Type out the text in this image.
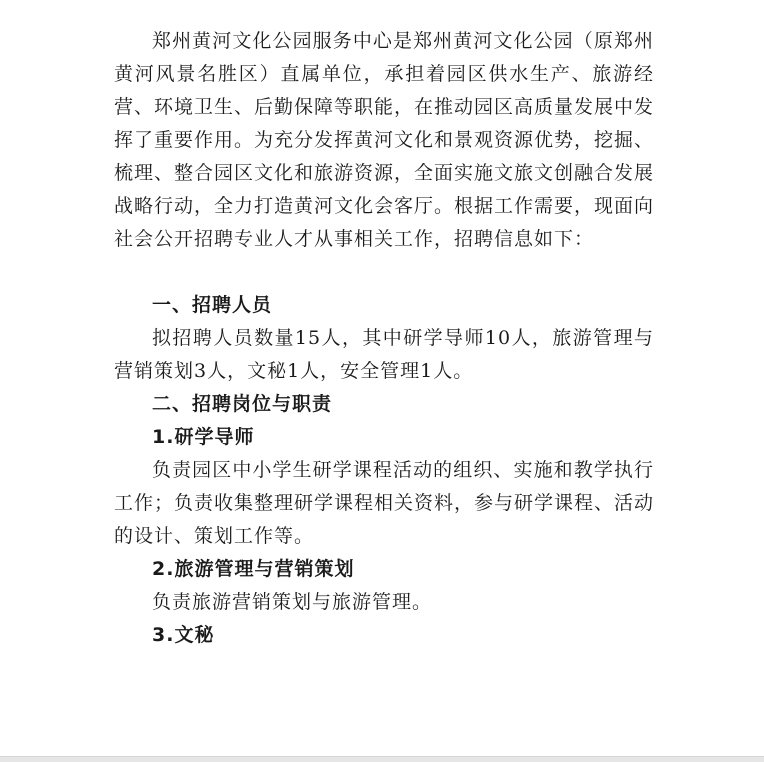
郑州黄河文化公园服务中心是郑州黄河文化公园（原郑州黄河风景名胜区）直属单位，承担着园区供水生产、旅游经营、环境卫生、后勤保障等职能，在推动园区高质量发展中发挥了重要作用。为充分发挥黄河文化和景观资源优势，挖掘、梳理、整合园区文化和旅游资源，全面实施文旅文创融合发展战略行动，全力打造黄河文化会客厅。根据工作需要，现面向社会公开招聘专业人才从事相关工作，招聘信息如下：

一、招聘人员

拟招聘人员数量15人，其中研学导师10人，旅游管理与营销策划3人，文秘1人，安全管理1人。

二、招聘岗位与职责

1.研学导师

负责园区中小学生研学课程活动的组织、实施和教学执行工作；负责收集整理研学课程相关资料，参与研学课程、活动的设计、策划工作等。

2.旅游管理与营销策划

负责旅游营销策划与旅游管理。

3.文秘
